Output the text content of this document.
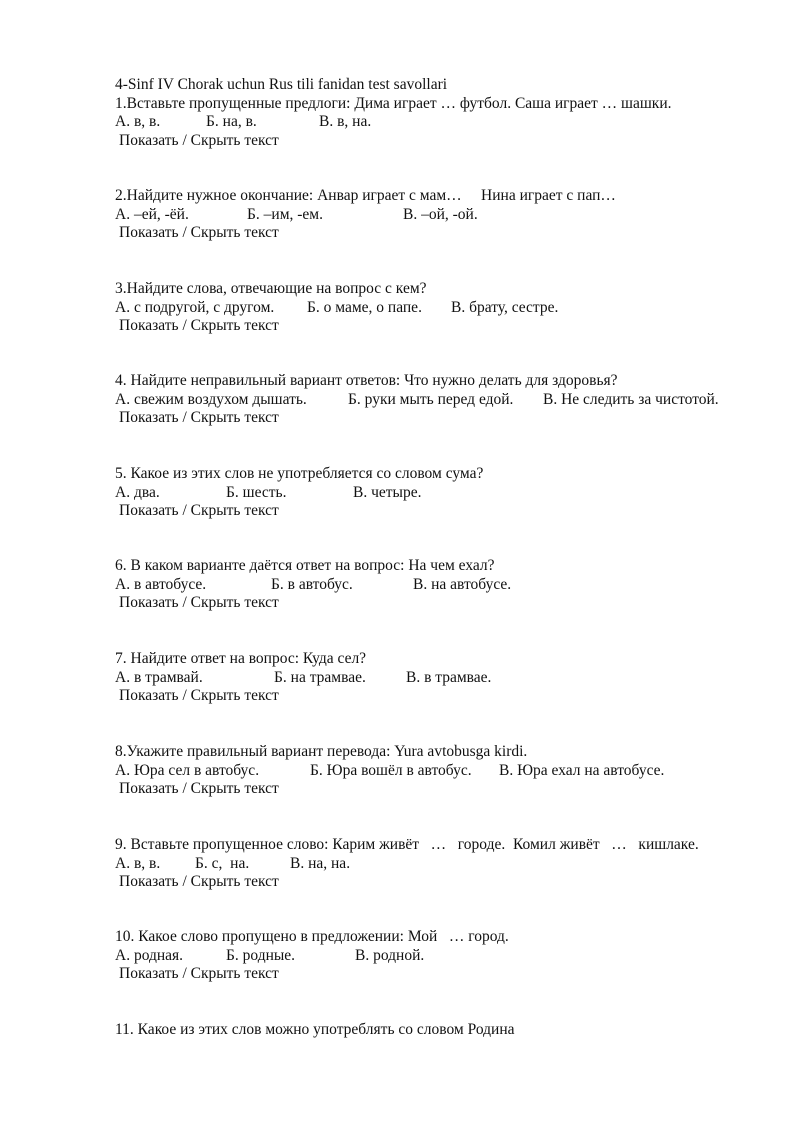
4-Sinf IV Chorak uchun Rus tili fanidan test savollari
1.Вставьте пропущенные предлоги: Дима играет … футбол. Саша играет … шашки.

А. в, в.

	Б. на, в.

	В. в, на.

Показать / Скрыть текст
2.Найдите нужное окончание: Анвар играет с мам…     Нина играет с пап…

А. –ей, -ёй.

	Б. –им, -ем.

	В. –ой, -ой.

Показать / Скрыть текст
3.Найдите слова, отвечающие на вопрос с кем?

А. с подругой, с другом.

Б. о маме, о папе.

В. брату, сестре.

Показать / Скрыть текст
4. Найдите неправильный вариант ответов: Что нужно делать для здоровья?

А. свежим воздухом дышать.

	Б. руки мыть перед едой.

В. Не следить за чистотой.

Показать / Скрыть текст
5. Какое из этих слов не употребляется со словом сума?

А. два.

	Б. шесть.

	В. четыре.

Показать / Скрыть текст
6. В каком варианте даётся ответ на вопрос: На чем ехал?

А. в автобусе.

	Б. в автобус.

	В. на автобусе.

Показать / Скрыть текст
7. Найдите ответ на вопрос: Куда сел?

А. в трамвай.

	Б. на трамвае.

	В. в трамвае.

Показать / Скрыть текст
8.Укажите правильный вариант перевода: Yura avtobusga kirdi.

А. Юра сел в автобус.

	Б. Юра вошёл в автобус.

В. Юра ехал на автобусе.

Показать / Скрыть текст
9. Вставьте пропущенное слово: Карим живёт   …   городе.  Комил живёт   …   кишлаке.

А. в, в.

Б. с,  на.

	В. на, на.

Показать / Скрыть текст
10. Какое слово пропущено в предложении: Мой   … город.

А. родная.

	Б. родные.

	В. родной.

Показать / Скрыть текст
11. Какое из этих слов можно употреблять со словом Родина
